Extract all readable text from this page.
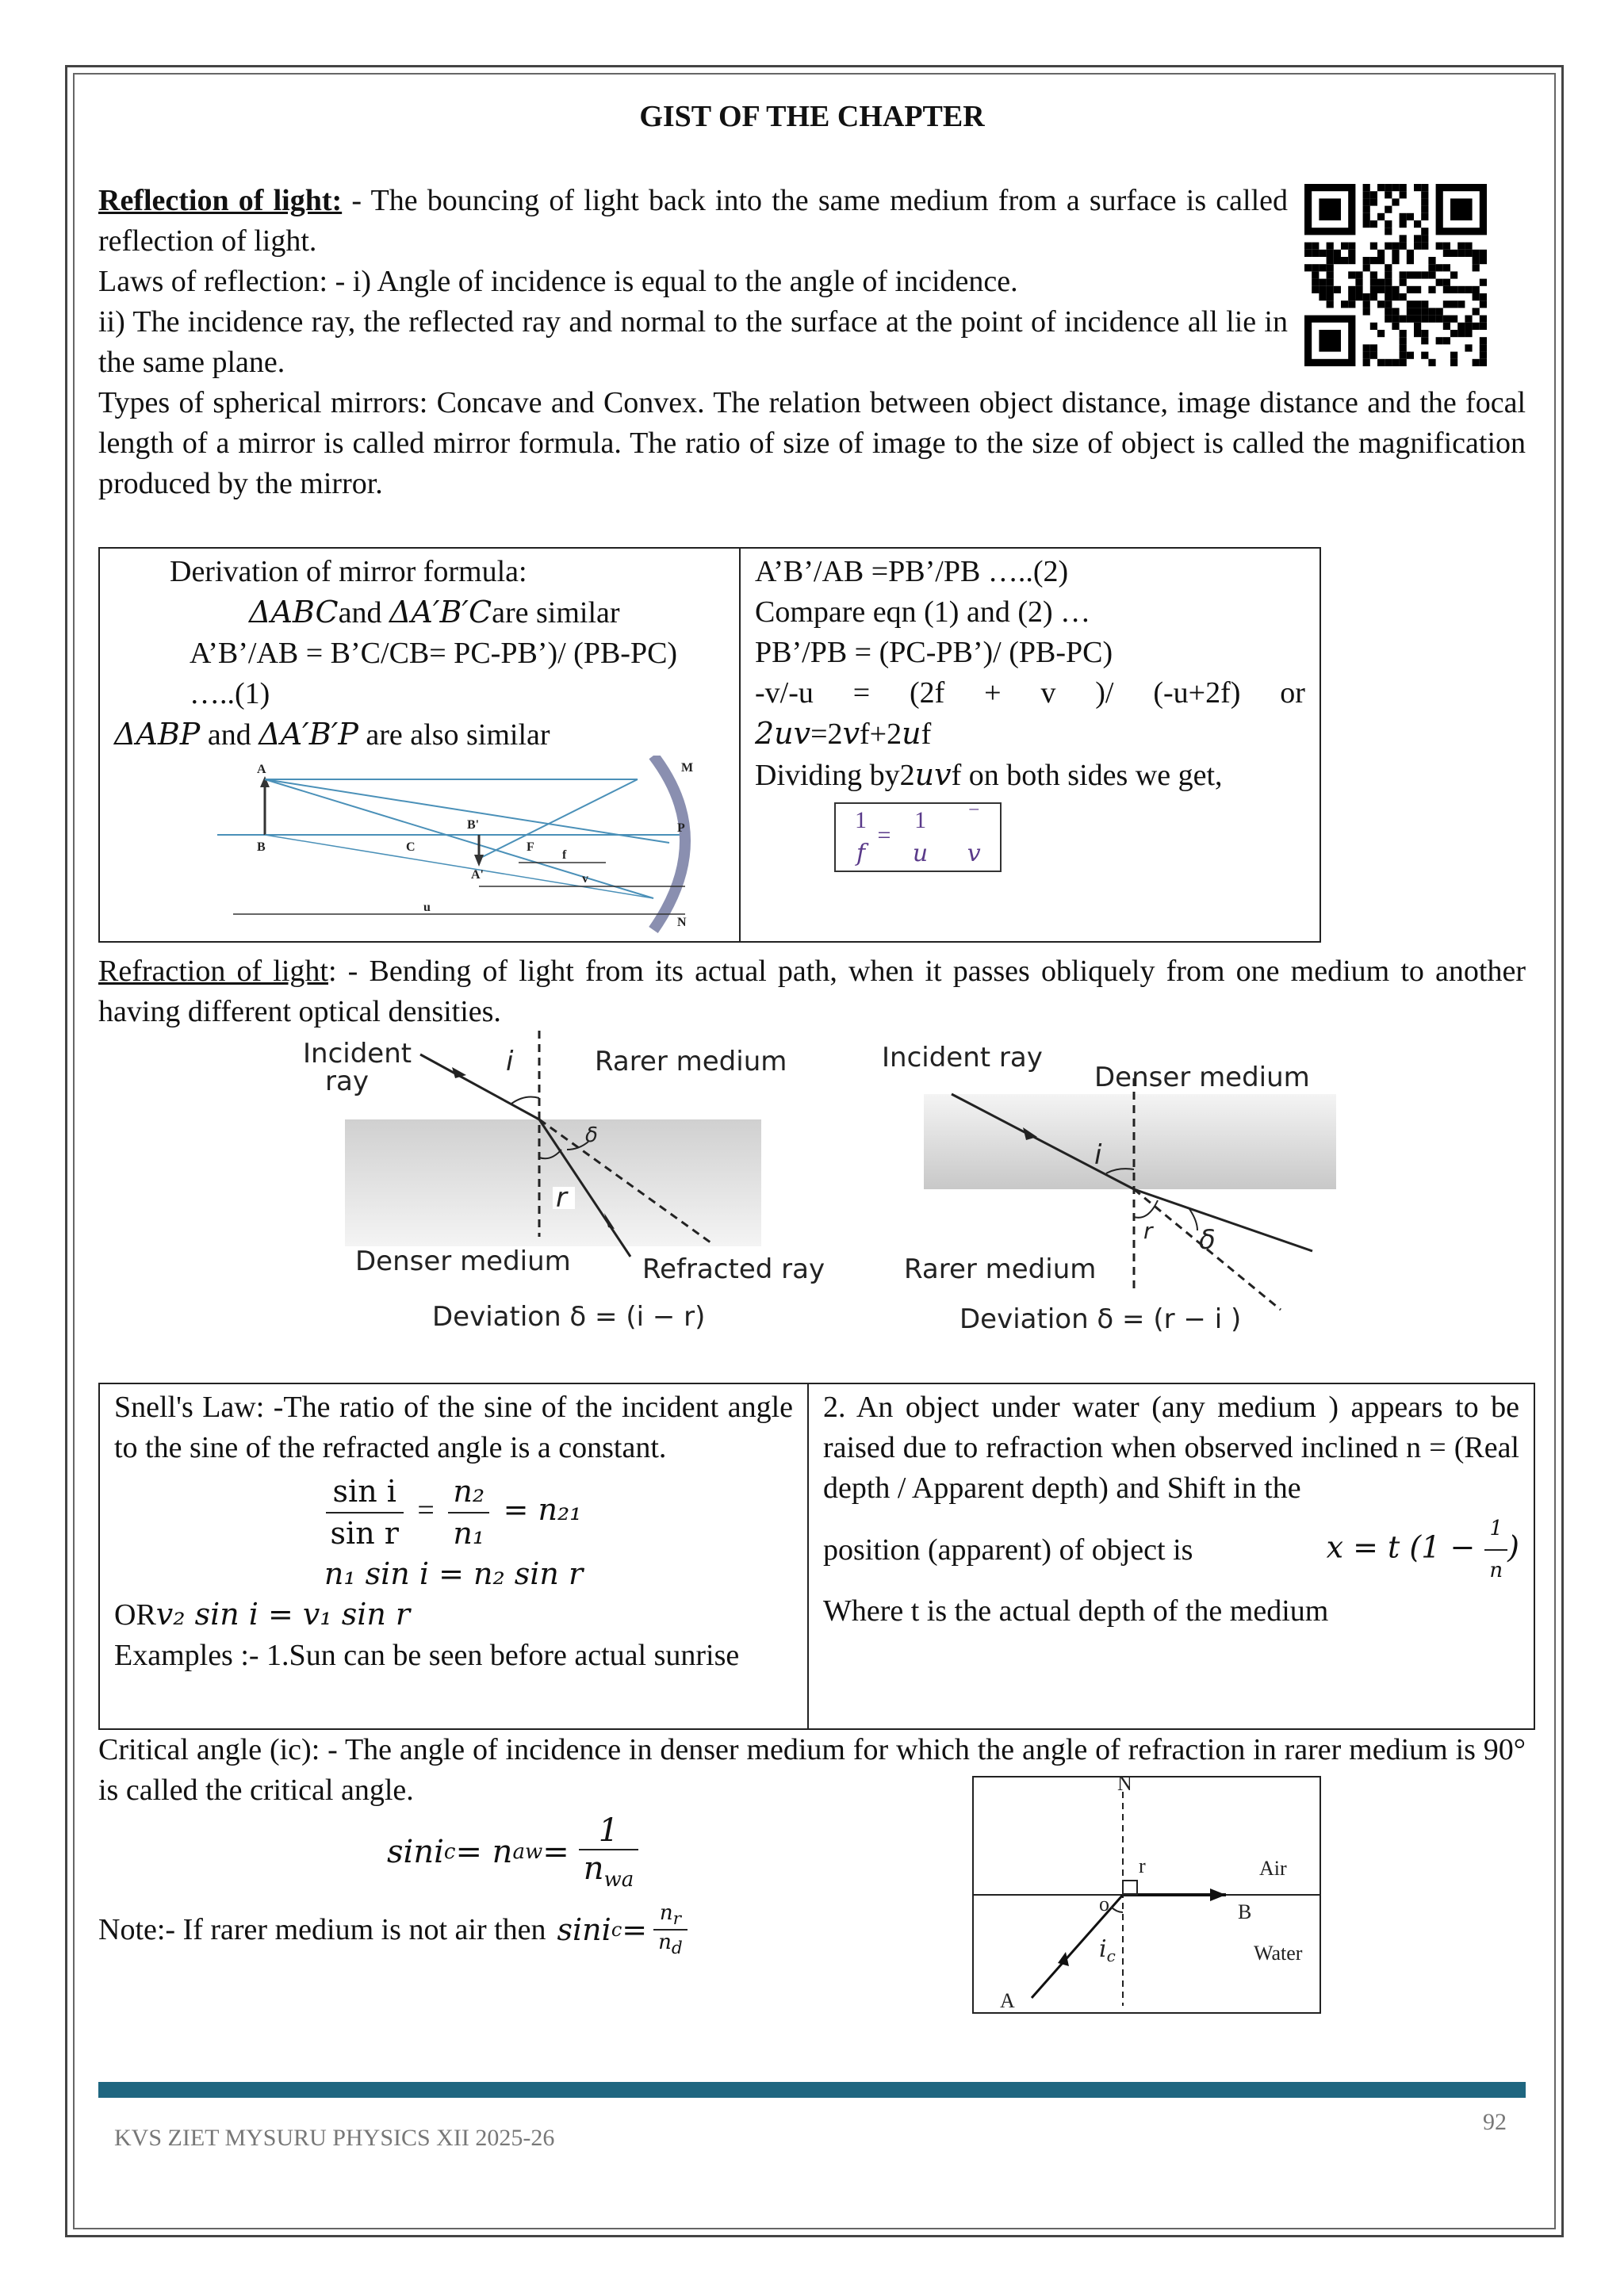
GIST OF THE CHAPTER
Reflection of light: - The bouncing of light back into the same medium from a surface is called reflection of light.
Laws of reflection: - i) Angle of incidence is equal to the angle of incidence.
ii) The incidence ray, the reflected ray and normal to the surface at the point of incidence all lie in the same plane.
Types of spherical mirrors: Concave and Convex. The relation between object distance, image distance and the focal length of a mirror is called mirror formula. The ratio of size of image to the size of object is called the magnification produced by the mirror.
Derivation of mirror formula:
ΔABCand ΔA′B′Care similar
A’B’/AB = B’C/CB= PC-PB’)/ (PB-PC)
…..(1)
ΔABP and ΔA′B′P are also similar
A
B	C	F
B'
A'
P
M
N
f
u
v

A’B’/AB =PB’/PB …..(2)
Compare eqn (1) and (2) …
PB’/PB = (PC-PB’)/ (PB-PC)
-v/-u = (2f + v )/ (-u+2f) or
2uv=2vf+2uf
Dividing by2uvf on both sides we get,
1
f
=
1
u

‾
v
Refraction of light: - Bending of light from its actual path, when it passes obliquely from one medium to another having different optical densities.
Incident
ray
i	Rarer medium
δ
r
Denser medium	Refracted ray
Deviation δ = (i − r)
Incident ray
Denser medium
i
r δ
Rarer medium
Deviation δ = (r − i )
Snell's Law: -The ratio of the sine of the incident angle to the sine of the refracted angle is a constant.
$\frac{\text{sin i}}{\text{sin r}} = \frac{\text{n₂}}{\text{n₁}} = n_{21}$
n₁ sin i = n₂ sin r
ORv₂ sin i = v₁ sin r
Examples :- 1.Sun can be seen before actual sunrise

2. An object under water (any medium ) appears to be raised due to refraction when observed inclined n = (Real depth / Apparent depth) and Shift in the
position (apparent) of object is	x = t ($1 - \frac{1}{n}$ )
Where t is the actual depth of the medium
Critical angle (ic): - The angle of incidence in denser medium for which the angle of refraction in rarer medium is 90° is called the critical angle.
sini c = n aw = $\frac{1}{n_{wa}}$
Note:- If rarer medium is not air then sini $c = \frac{n_r}{n_d}$
N
r	Air
B
o
Water
$i_c$
A
KVS ZIET MYSURU PHYSICS XII 2025-26
92
